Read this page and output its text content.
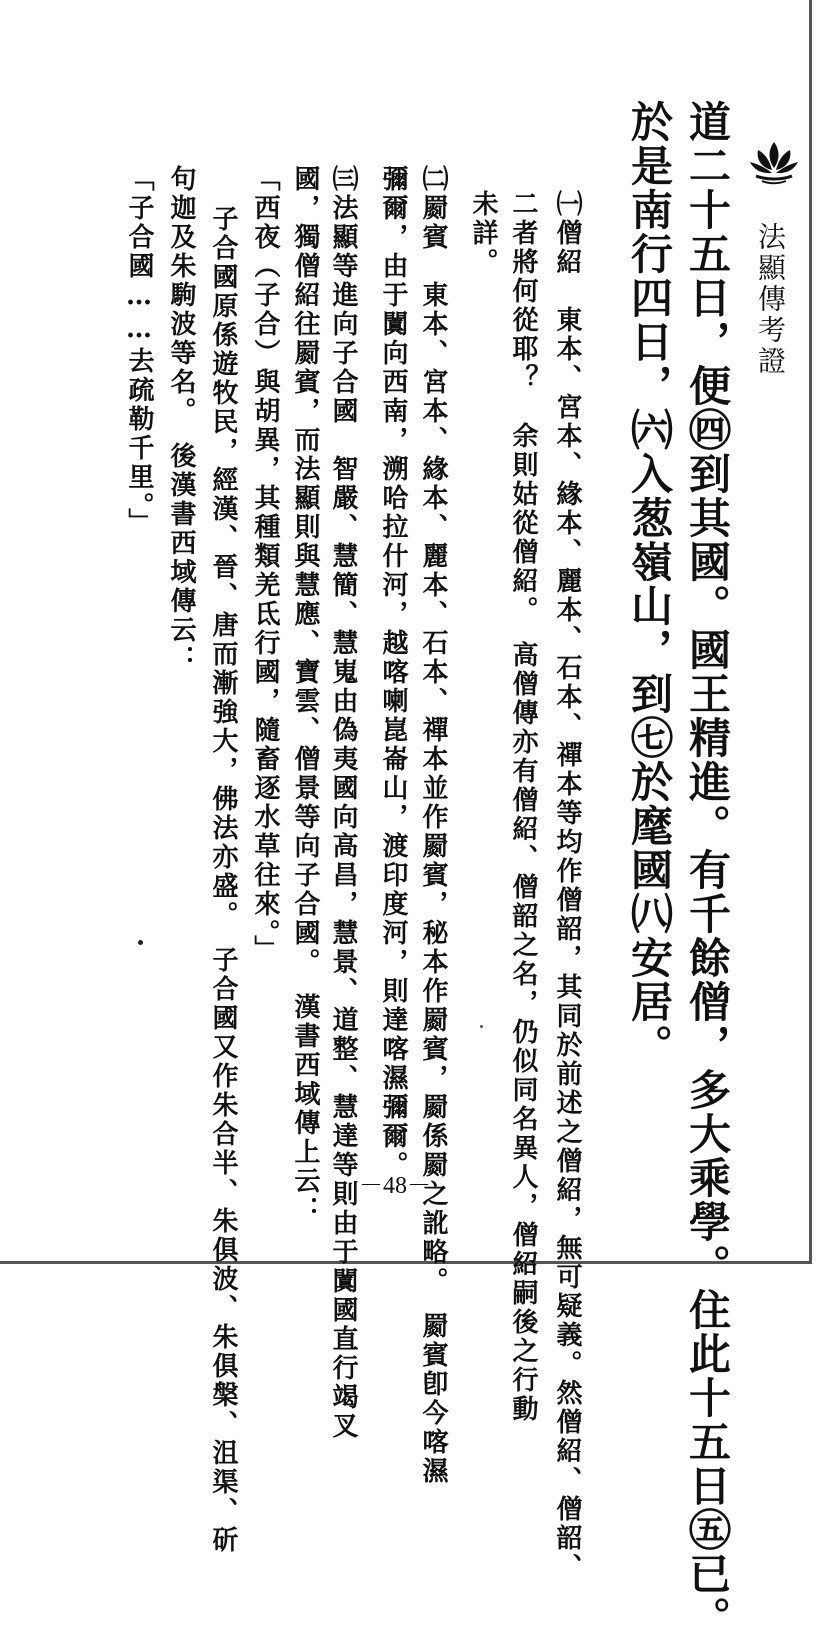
法顯傳考證
道二十五日，便㊃到其國。國王精進。有千餘僧，多大乘學。住此十五日㊄已。
於是南行四日，㈥入葱嶺山，到㊆於麾國㈧安居。
㈠僧紹　東本、宮本、緣本、麗本、石本、禪本等均作僧韶，其同於前述之僧紹，無可疑義。然僧紹、僧韶、
二者將何從耶？　余則姑從僧紹。　高僧傳亦有僧紹、僧韶之名，仍似同名異人，僧紹嗣後之行動
未詳。
㈡罽賓　東本、宮本、緣本、麗本、石本、禪本並作罽賓，秘本作罽賓，罽係罽之訛略。　罽賓卽今喀濕
彌爾，由于闐向西南，溯哈拉什河，越喀喇崑崙山，渡印度河，則達喀濕彌爾。
㈢法顯等進向子合國　智嚴、慧簡、慧嵬由偽夷國向高昌，慧景、道整、慧達等則由于闐國直行竭叉
國，獨僧紹往罽賓，而法顯則與慧應、寶雲、僧景等向子合國。　漢書西域傳上云：
「西夜（子合）與胡異，其種類羌氐行國，隨畜逐水草往來。」
子合國原係遊牧民，經漢、晉、唐而漸強大，佛法亦盛。　子合國又作朱合半、朱俱波、朱俱槃、沮渠、斫
句迦及朱駒波等名。　後漢書西域傳云：
「子合國……去疏勒千里。」
－48－
